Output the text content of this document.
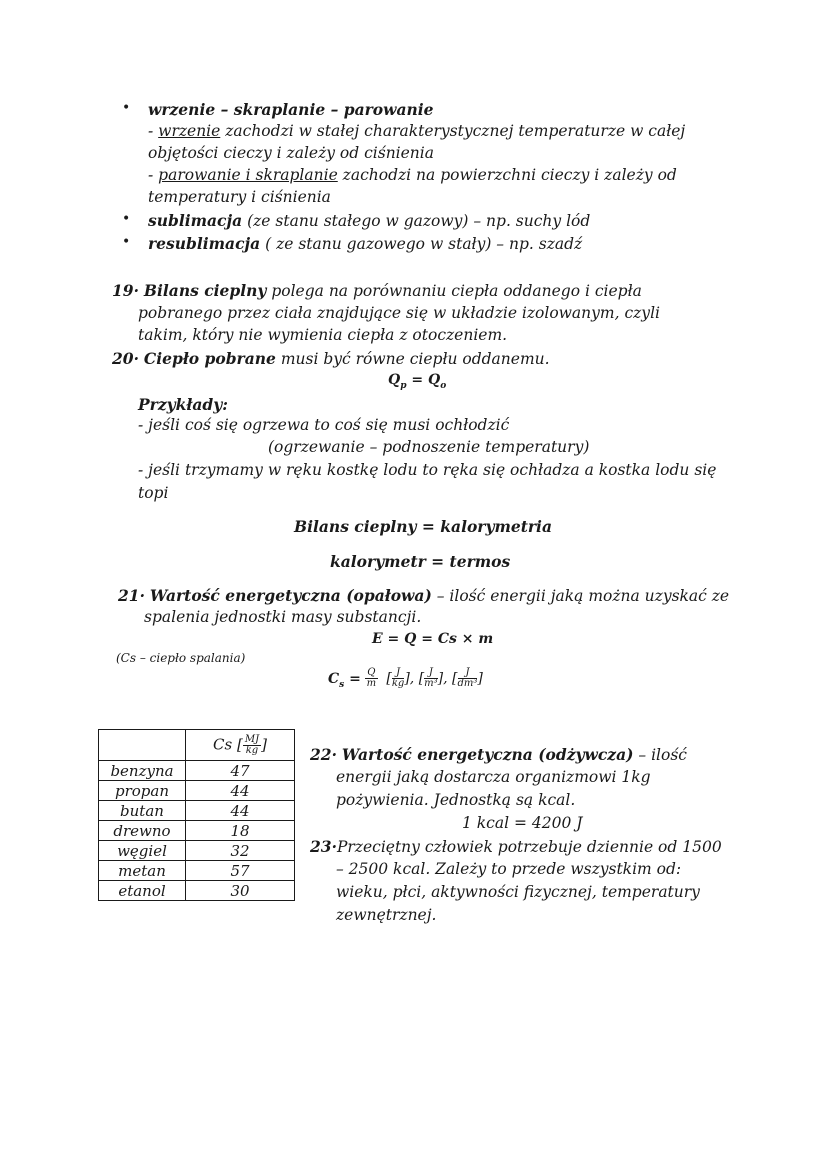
• wrzenie – skraplanie – parowanie
- wrzenie zachodzi w stałej charakterystycznej temperaturze w całej
objętości cieczy i zależy od ciśnienia
- parowanie i skraplanie zachodzi na powierzchni cieczy i zależy od
temperatury i ciśnienia
• sublimacja (ze stanu stałego w gazowy) – np. suchy lód
• resublimacja ( ze stanu gazowego w stały) – np. szadź
19· Bilans cieplny polega na porównaniu ciepła oddanego i ciepła
pobranego przez ciała znajdujące się w układzie izolowanym, czyli
takim, który nie wymienia ciepła z otoczeniem.
20· Ciepło pobrane musi być równe ciepłu oddanemu.
$Q_p = Q_o$
Przykłady:
- jeśli coś się ogrzewa to coś się musi ochłodzić
(ogrzewanie – podnoszenie temperatury)
- jeśli trzymamy w ręku kostkę lodu to ręka się ochładza a kostka lodu się
topi
Bilans cieplny = kalorymetria
kalorymetr = termos
21· Wartość energetyczna (opałowa) – ilość energii jaką można uzyskać ze
spalenia jednostki masy substancji.
E = Q = Cs × m
(Cs – ciepło spalania)
$C_s = \frac{Q}{m}$ [ $\frac{J}{kg}$ ], [ $\frac{J}{\text{m³}}$ ], [ $\frac{J}{\text{dm³}}$ ]
	Cs [ $\frac{MJ}{kg}$ ]
benzyna	47
propan	44
butan	44
drewno	18
węgiel	32
metan	57
etanol	30
22· Wartość energetyczna (odżywcza) – ilość
energii jaką dostarcza organizmowi 1kg
pożywienia. Jednostką są kcal.
1 kcal = 4200 J
23·Przeciętny człowiek potrzebuje dziennie od 1500
– 2500 kcal. Zależy to przede wszystkim od:
wieku, płci, aktywności fizycznej, temperatury
zewnętrznej.
